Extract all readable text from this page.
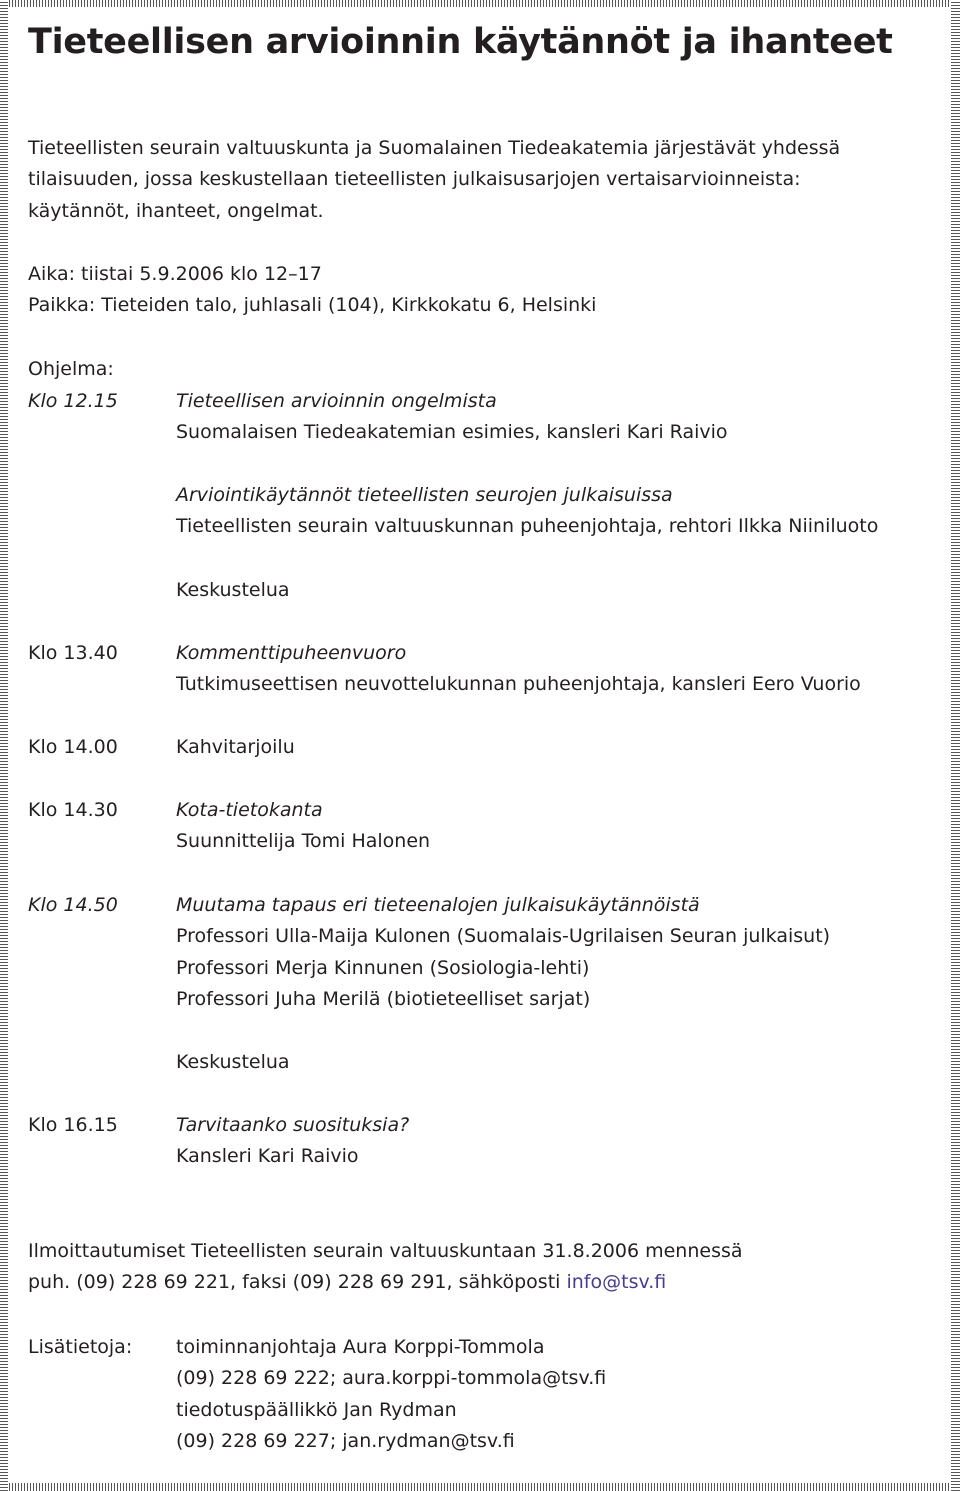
Tieteellisen arvioinnin käytännöt ja ihanteet

Tieteellisten seurain valtuuskunta ja Suomalainen Tiedeakatemia järjestävät yhdessä
tilaisuuden, jossa keskustellaan tieteellisten julkaisusarjojen vertaisarvioinneista:
käytännöt, ihanteet, ongelmat.

Aika: tiistai 5.9.2006 klo 12–17
Paikka: Tieteiden talo, juhlasali (104), Kirkkokatu 6, Helsinki

Ohjelma:

Klo 12.15	Tieteellisen arvioinnin ongelmista
Suomalaisen Tiedeakatemian esimies, kansleri Kari Raivio
Arviointikäytännöt tieteellisten seurojen julkaisuissa
Tieteellisten seurain valtuuskunnan puheenjohtaja, rehtori Ilkka Niiniluoto
Keskustelua
Klo 13.40	Kommenttipuheenvuoro
Tutkimuseettisen neuvottelukunnan puheenjohtaja, kansleri Eero Vuorio
Klo 14.00	Kahvitarjoilu
Klo 14.30	Kota-tietokanta
Suunnittelija Tomi Halonen
Klo 14.50	Muutama tapaus eri tieteenalojen julkaisukäytännöistä
Professori Ulla-Maija Kulonen (Suomalais-Ugrilaisen Seuran julkaisut)
Professori Merja Kinnunen (Sosiologia-lehti)
Professori Juha Merilä (biotieteelliset sarjat)
Keskustelua
Klo 16.15	Tarvitaanko suosituksia?
Kansleri Kari Raivio
Ilmoittautumiset Tieteellisten seurain valtuuskuntaan 31.8.2006 mennessä
puh. (09) 228 69 221, faksi (09) 228 69 291, sähköposti info@tsv.fi
Lisätietoja: toiminnanjohtaja Aura Korppi-Tommola
(09) 228 69 222; aura.korppi-tommola@tsv.fi
tiedotuspäällikkö Jan Rydman
(09) 228 69 227; jan.rydman@tsv.fi
